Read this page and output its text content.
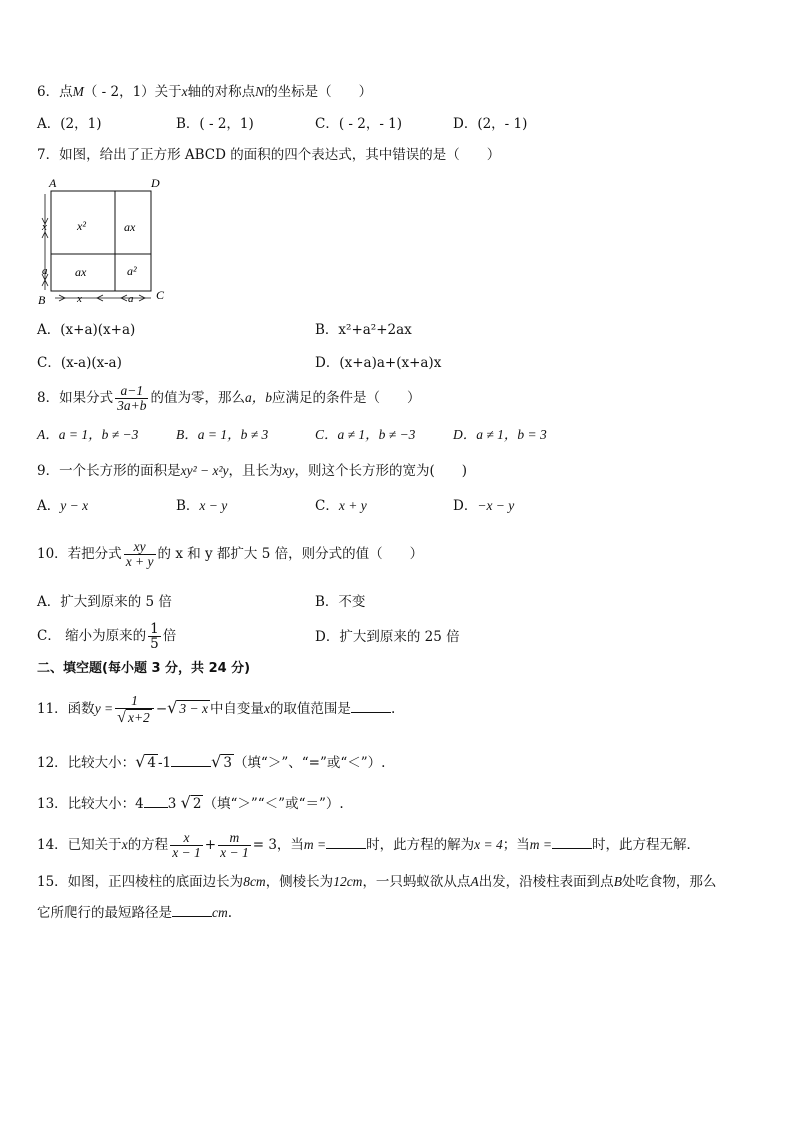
6．点M（ - 2，1）关于x轴的对称点N的坐标是（　　）
A．(2，1)	B．( - 2，1)	C．( - 2，- 1)	D．(2，- 1)
7．如图，给出了正方形 ABCD 的面积的四个表达式，其中错误的是（　　）
A	D
B	C
x²	ax
ax	a²
x
a
x	a
A．(x+a)(x+a)	B．x²+a²+2ax
C．(x-a)(x-a)	D．(x+a)a+(x+a)x
8．如果分式 $\frac{a-1}{3a+b}$ 的值为零，那么a，b应满足的条件是（　　）
A．a = 1，b ≠ −3	B．a = 1，b ≠ 3	C．a ≠ 1，b ≠ −3	D．a ≠ 1，b = 3
9．一个长方形的面积是xy² − x²y，且长为xy，则这个长方形的宽为(　　)
A．y − x	B．x − y	C．x + y	D．−x − y
10．若把分式 $\frac{xy}{x + y}$ 的 x 和 y 都扩大 5 倍，则分式的值（　　）
A．扩大到原来的 5 倍	B．不变
C． 缩小为原来的 $\frac{1}{5}$ 倍	D．扩大到原来的 25 倍
二、填空题(每小题 3 分，共 24 分)
11．函数$y = \frac{1}{√ x+2}$ −√ 3 − x 中自变量x的取值范围是	.
12．比较大小：√ 4 -1	√ 3 （填“＞”、“=”或“＜”）.
13．比较大小：4 3 √ 2 （填“＞”“＜”或“＝”）.
14．已知关于x的方程 $\frac{x}{x - 1} + \frac{m}{x - 1} = 3$，当m =	时，此方程的解为x = 4；当m =	时，此方程无解．
15．如图，正四棱柱的底面边长为8cm，侧棱长为12cm，一只蚂蚁欲从点A出发，沿棱柱表面到点B处吃食物，那么
它所爬行的最短路径是	cm.
